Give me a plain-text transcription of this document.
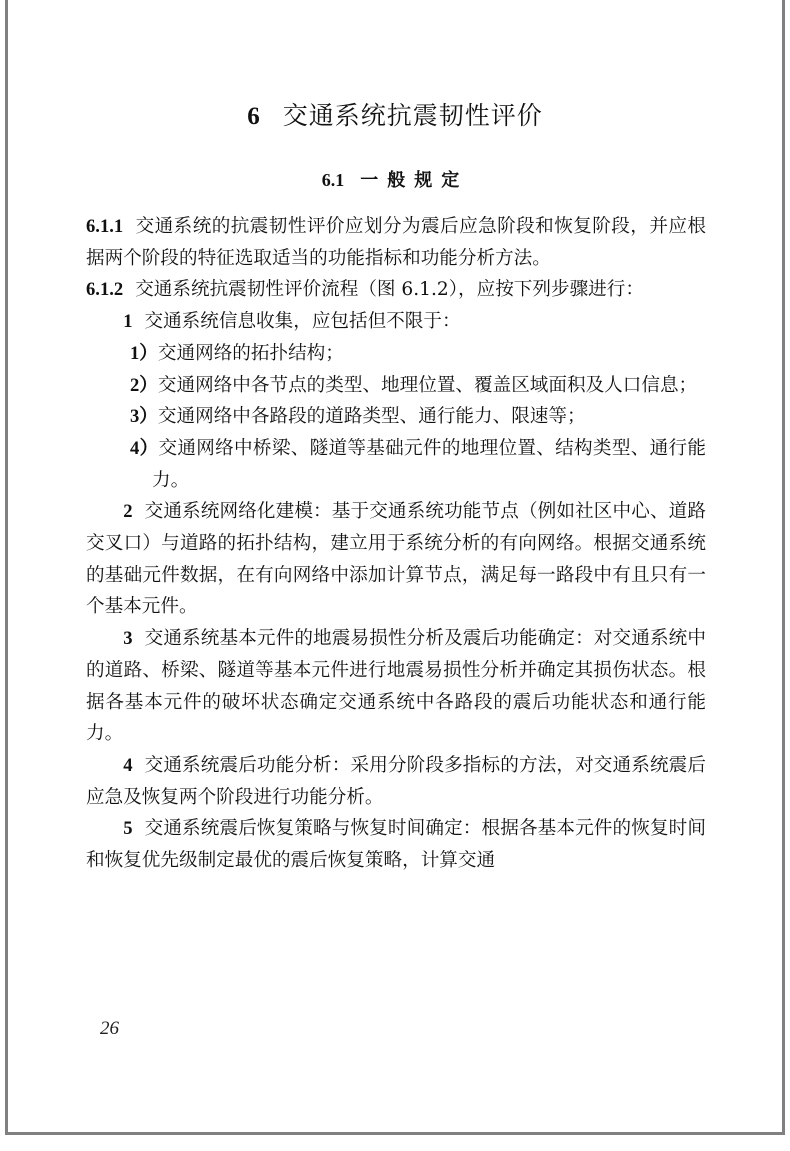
6 交通系统抗震韧性评价
6.1 一般规定

6.1.1 交通系统的抗震韧性评价应划分为震后应急阶段和恢复阶段，并应根据两个阶段的特征选取适当的功能指标和功能分析方法。

6.1.2 交通系统抗震韧性评价流程（图 6.1.2），应按下列步骤进行：

1 交通系统信息收集，应包括但不限于：

1）交通网络的拓扑结构；

2）交通网络中各节点的类型、地理位置、覆盖区域面积及人口信息；

3）交通网络中各路段的道路类型、通行能力、限速等；

4）交通网络中桥梁、隧道等基础元件的地理位置、结构类型、通行能力。

2 交通系统网络化建模：基于交通系统功能节点（例如社区中心、道路交叉口）与道路的拓扑结构，建立用于系统分析的有向网络。根据交通系统的基础元件数据，在有向网络中添加计算节点，满足每一路段中有且只有一个基本元件。

3 交通系统基本元件的地震易损性分析及震后功能确定：对交通系统中的道路、桥梁、隧道等基本元件进行地震易损性分析并确定其损伤状态。根据各基本元件的破坏状态确定交通系统中各路段的震后功能状态和通行能力。

4 交通系统震后功能分析：采用分阶段多指标的方法，对交通系统震后应急及恢复两个阶段进行功能分析。

5 交通系统震后恢复策略与恢复时间确定：根据各基本元件的恢复时间和恢复优先级制定最优的震后恢复策略，计算交通

26
